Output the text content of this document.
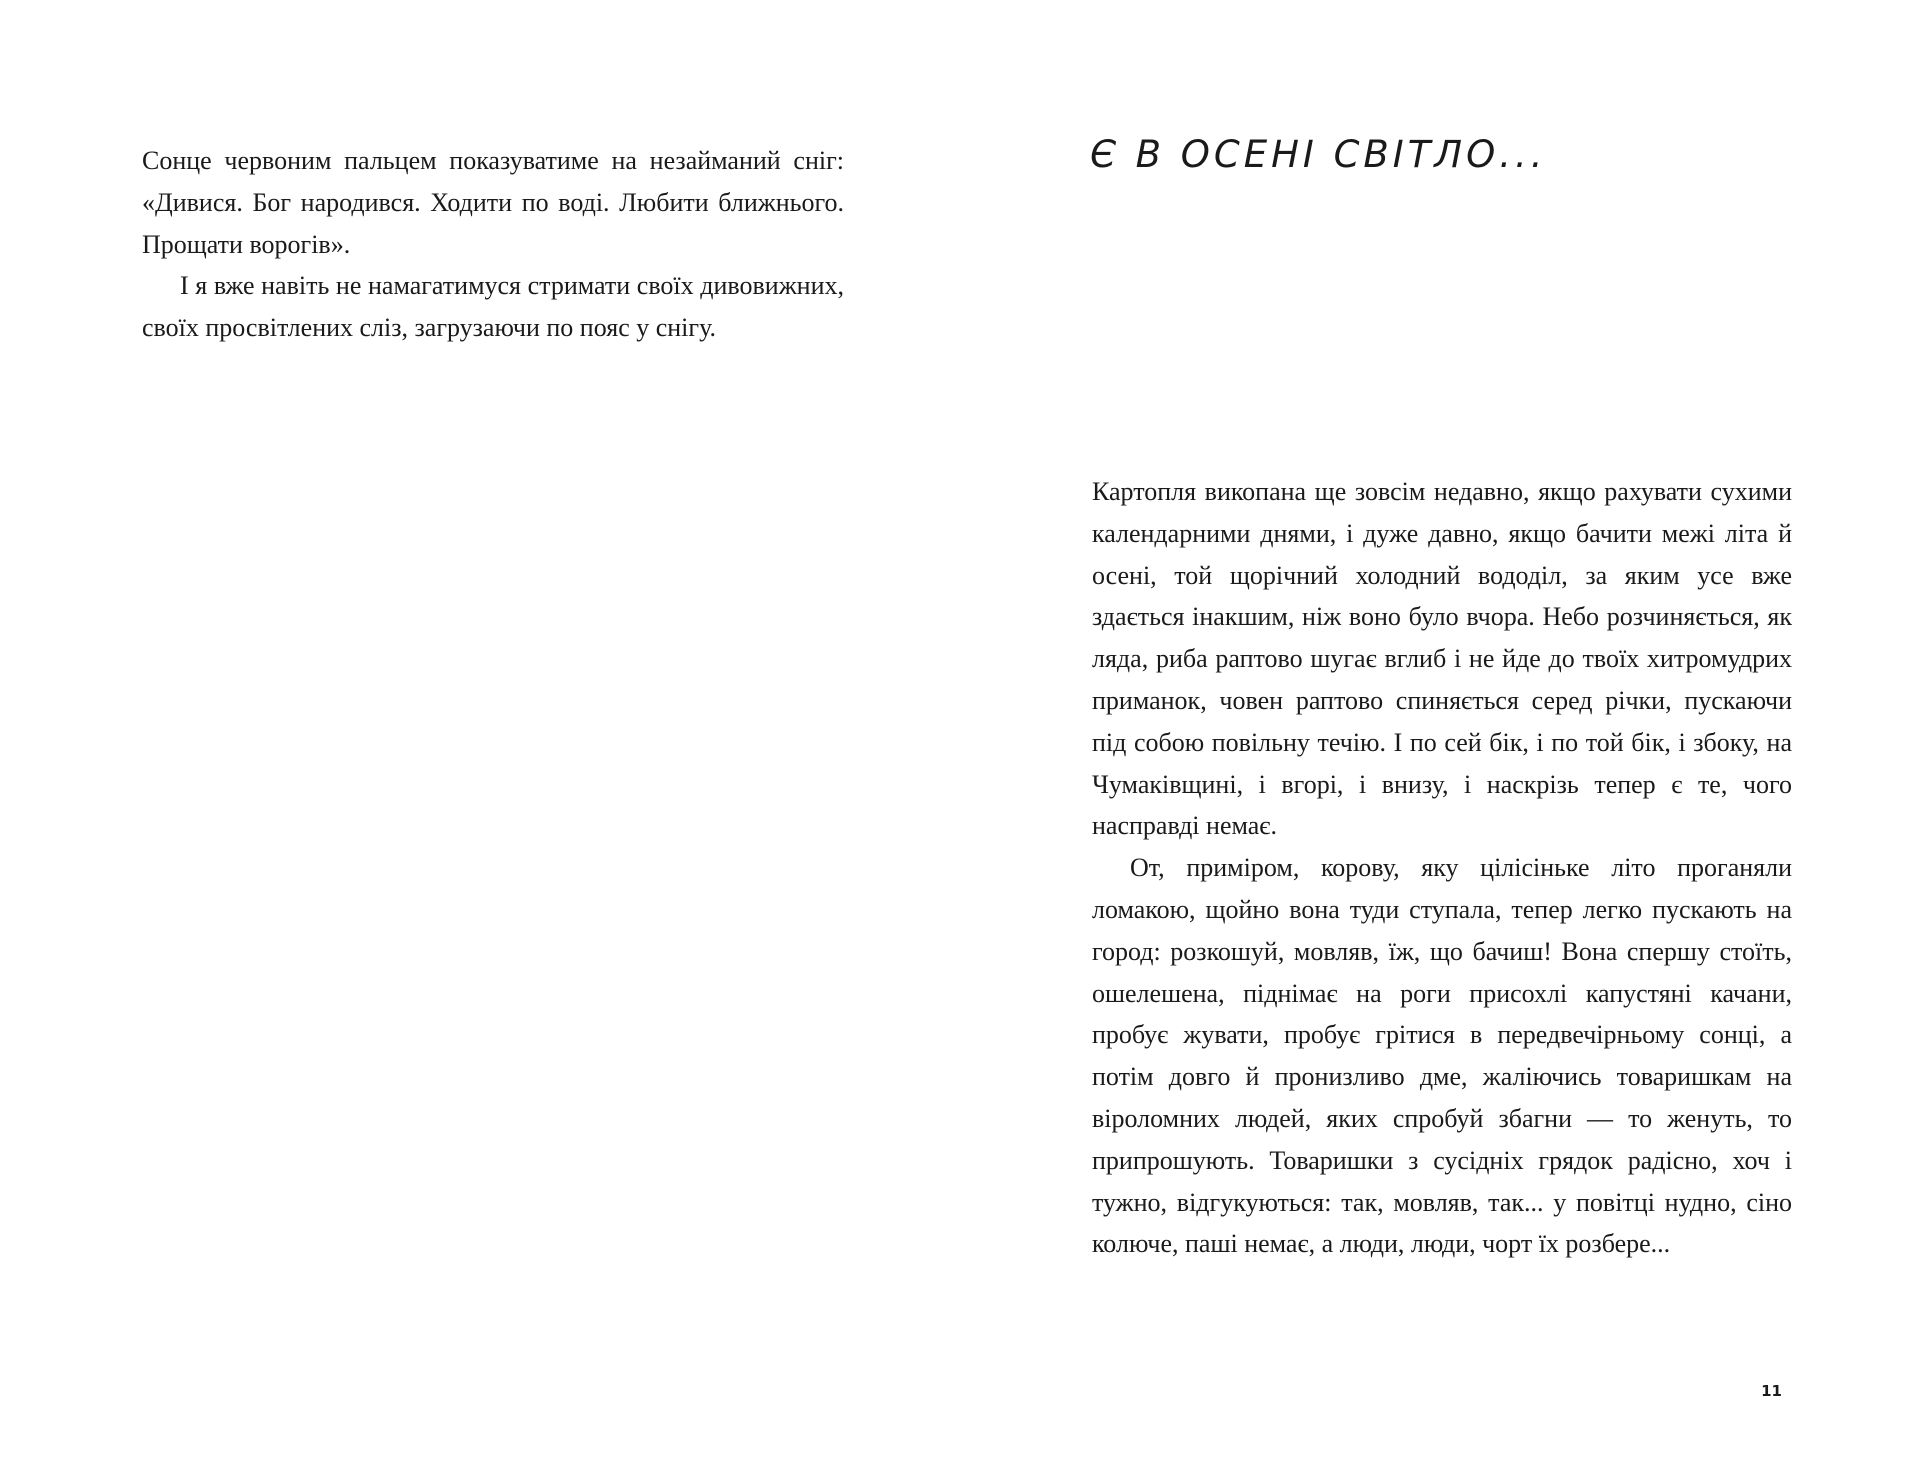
Сонце червоним пальцем показуватиме на незайманий сніг: «Дивися. Бог народився. Ходити по воді. Любити ближнього. Прощати ворогів».

І я вже навіть не намагатимуся стримати своїх дивовижних, своїх просвітлених сліз, загрузаючи по пояс у снігу.

Є В ОСЕНІ СВІТЛО...

Картопля викопана ще зовсім недавно, якщо рахувати сухими календарними днями, і дуже давно, якщо бачити межі літа й осені, той щорічний холодний вододіл, за яким усе вже здається інакшим, ніж воно було вчора. Небо розчиняється, як ляда, риба раптово шугає вглиб і не йде до твоїх хитромудрих приманок, човен раптово спиняється серед річки, пускаючи під собою повільну течію. І по сей бік, і по той бік, і збоку, на Чумаківщині, і вгорі, і внизу, і наскрізь тепер є те, чого насправді немає.

От, приміром, корову, яку цілісіньке літо проганяли ломакою, щойно вона туди ступала, тепер легко пускають на город: розкошуй, мовляв, їж, що бачиш! Вона спершу стоїть, ошелешена, піднімає на роги присохлі капустяні качани, пробує жувати, пробує грітися в передвечірньому сонці, а потім довго й пронизливо дме, жаліючись товаришкам на віроломних людей, яких спробуй збагни — то женуть, то припрошують. Товаришки з сусідніх грядок радісно, хоч і тужно, відгукуються: так, мовляв, так... у повітці нудно, сіно колюче, паші немає, а люди, люди, чорт їх розбере...

11
